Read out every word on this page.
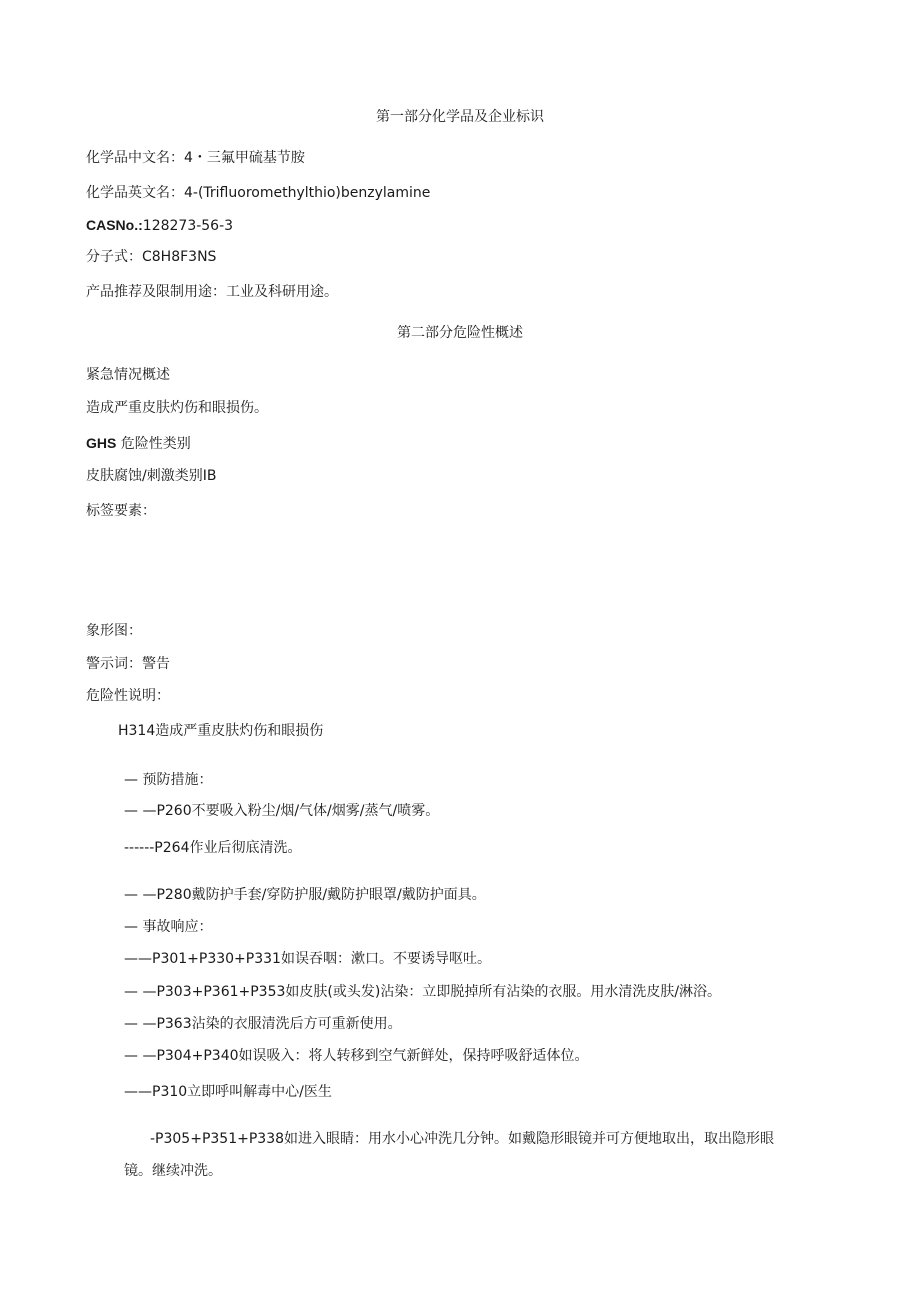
第一部分化学品及企业标识
化学品中文名：4・三氟甲硫基节胺
化学品英文名：4-(Trifluoromethylthio)benzylamine
CASNo.:128273-56-3
分子式：C8H8F3NS
产品推荐及限制用途：工业及科研用途。
第二部分危险性概述
紧急情况概述
造成严重皮肤灼伤和眼损伤。
GHS 危险性类别
皮肤腐蚀/刺激类别IB
标签要素：
象形图：
警示词：警告
危险性说明：
H314造成严重皮肤灼伤和眼损伤
— 预防措施：
— —P260不要吸入粉尘/烟/气体/烟雾/蒸气/喷雾。
------P264作业后彻底清洗。
— —P280戴防护手套/穿防护服/戴防护眼罩/戴防护面具。
— 事故响应：
——P301+P330+P331如误吞咽：漱口。不要诱导呕吐。
— —P303+P361+P353如皮肤(或头发)沾染：立即脱掉所有沾染的衣服。用水清洗皮肤/淋浴。
— —P363沾染的衣服清洗后方可重新使用。
— —P304+P340如误吸入：将人转移到空气新鲜处，保持呼吸舒适体位。
——P310立即呼叫解毒中心/医生
-P305+P351+P338如进入眼睛：用水小心冲洗几分钟。如戴隐形眼镜并可方便地取出，取出隐形眼
镜。继续冲洗。
